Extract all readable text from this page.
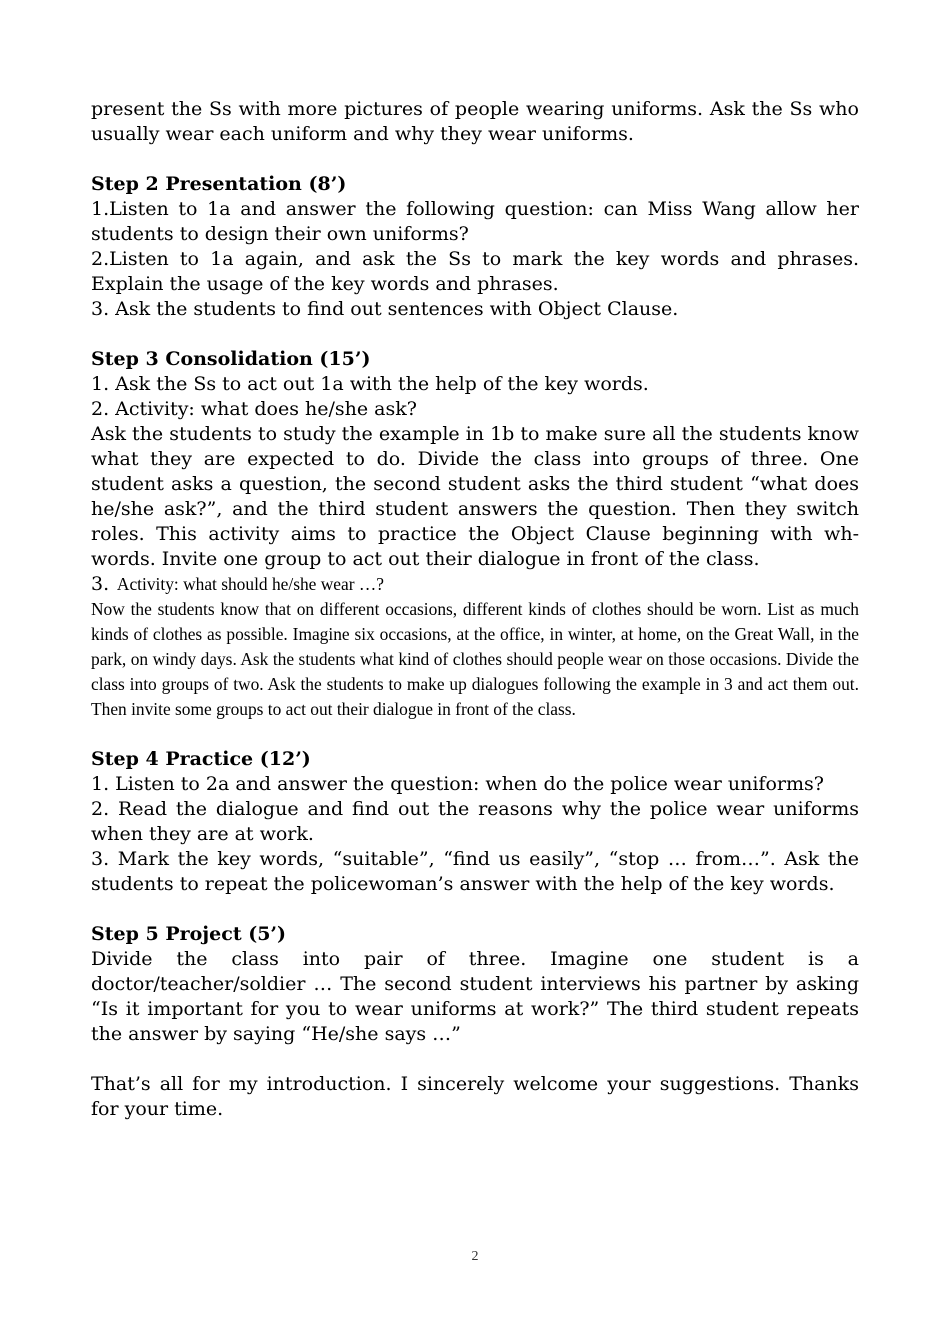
present the Ss with more pictures of people wearing uniforms. Ask the Ss who usually wear each uniform and why they wear uniforms.

Step 2 Presentation (8’)

1.Listen to 1a and answer the following question: can Miss Wang allow her students to design their own uniforms?

2.Listen to 1a again, and ask the Ss to mark the key words and phrases. Explain the usage of the key words and phrases.

3. Ask the students to find out sentences with Object Clause.

Step 3 Consolidation (15’)

1. Ask the Ss to act out 1a with the help of the key words.

2. Activity: what does he/she ask?

Ask the students to study the example in 1b to make sure all the students know what they are expected to do. Divide the class into groups of three. One student asks a question, the second student asks the third student “what does he/she ask?”, and the third student answers the question. Then they switch roles. This activity aims to practice the Object Clause beginning with wh-words. Invite one group to act out their dialogue in front of the class.

3. Activity: what should he/she wear …?

Now the students know that on different occasions, different kinds of clothes should be worn. List as much kinds of clothes as possible. Imagine six occasions, at the office, in winter, at home, on the Great Wall, in the park, on windy days. Ask the students what kind of clothes should people wear on those occasions. Divide the class into groups of two. Ask the students to make up dialogues following the example in 3 and act them out. Then invite some groups to act out their dialogue in front of the class.

Step 4 Practice (12’)

1. Listen to 2a and answer the question: when do the police wear uniforms?

2. Read the dialogue and find out the reasons why the police wear uniforms when they are at work.

3. Mark the key words, “suitable”, “find us easily”, “stop … from…”. Ask the students to repeat the policewoman’s answer with the help of the key words.

Step 5 Project (5’)

Divide the class into pair of three. Imagine one student is a doctor/teacher/soldier … The second student interviews his partner by asking “Is it important for you to wear uniforms at work?” The third student repeats the answer by saying “He/she says …”

That’s all for my introduction. I sincerely welcome your suggestions. Thanks for your time.

2
